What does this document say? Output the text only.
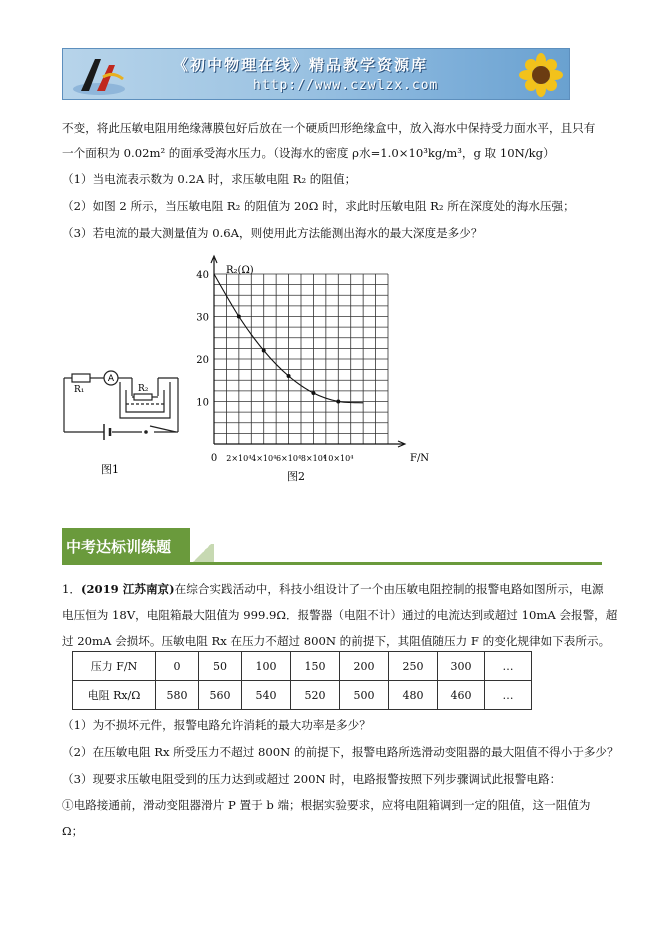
《初中物理在线》精品教学资源库
http://www.czwlzx.com
不变，将此压敏电阻用绝缘薄膜包好后放在一个硬质凹形绝缘盒中，放入海水中保持受力面水平，且只有
一个面积为 0.02m² 的面承受海水压力。（设海水的密度 ρ水=1.0×10³kg/m³，g 取 10N/kg）
（1）当电流表示数为 0.2A 时，求压敏电阻 R₂ 的阻值；
（2）如图 2 所示，当压敏电阻 R₂ 的阻值为 20Ω 时，求此时压敏电阻 R₂ 所在深度处的海水压强；
（3）若电流的最大测量值为 0.6A，则使用此方法能测出海水的最大深度是多少？
A
R₁	R₂
图1
10
20
30
40
2×10⁴ 4×10⁴ 6×10⁴ 8×10⁴
10×10⁴
R₂(Ω)
F/N
0
图2
中考达标训练题
1．(2019 江苏南京)在综合实践活动中，科技小组设计了一个由压敏电阻控制的报警电路如图所示，电源
电压恒为 18V，电阻箱最大阻值为 999.9Ω．报警器（电阻不计）通过的电流达到或超过 10mA 会报警，超
过 20mA 会损坏。压敏电阻 Rx 在压力不超过 800N 的前提下，其阻值随压力 F 的变化规律如下表所示。
压力 F/N	0	50	100	150	200	250	300	…
电阻 Rx/Ω	580	560	540	520	500	480	460	…
（1）为不损坏元件，报警电路允许消耗的最大功率是多少？
（2）在压敏电阻 Rx 所受压力不超过 800N 的前提下，报警电路所选滑动变阻器的最大阻值不得小于多少？
（3）现要求压敏电阻受到的压力达到或超过 200N 时，电路报警按照下列步骤调试此报警电路：
①电路接通前，滑动变阻器滑片 P 置于 b 端；根据实验要求，应将电阻箱调到一定的阻值，这一阻值为
Ω；
